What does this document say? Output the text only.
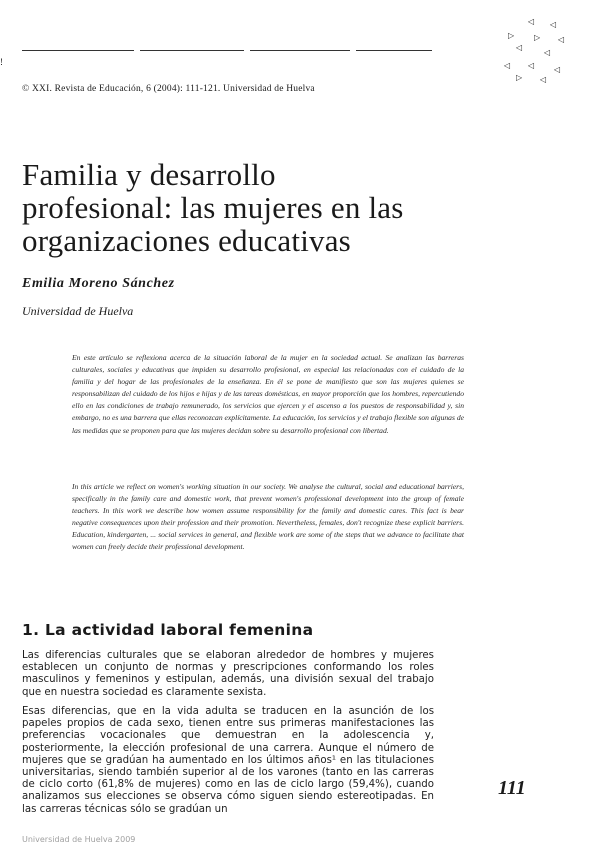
!
◁ ◁
▷ ▷ ◁
◁
◁
◁ ◁ ◁
▷ ◁
© XXI. Revista de Educación, 6 (2004): 111-121. Universidad de Huelva
Familia y desarrollo
profesional: las mujeres en las
organizaciones educativas
Emilia Moreno Sánchez
Universidad de Huelva

En este artículo se reflexiona acerca de la situación laboral de la mujer en la sociedad actual. Se analizan las barreras culturales, sociales y educativas que impiden su desarrollo profesional, en especial las relacionadas con el cuidado de la familia y del hogar de las profesionales de la enseñanza. En él se pone de manifiesto que son las mujeres quienes se responsabilizan del cuidado de los hijos e hijas y de las tareas domésticas, en mayor proporción que los hombres, repercutiendo ello en las condiciones de trabajo remunerado, los servicios que ejercen y el ascenso a los puestos de responsabilidad y, sin embargo, no es una barrera que ellas reconozcan explícitamente. La educación, los servicios y el trabajo flexible son algunas de las medidas que se proponen para que las mujeres decidan sobre su desarrollo profesional con libertad.

In this article we reflect on women's working situation in our society. We analyse the cultural, social and educational barriers, specifically in the family care and domestic work, that prevent women's professional development into the group of female teachers. In this work we describe how women assume responsibility for the family and domestic cares. This fact is bear negative consequences upon their profession and their promotion. Nevertheless, females, don't recognize these explicit barriers. Education, kindergarten, ... social services in general, and flexible work are some of the steps that we advance to facilitate that women can freely decide their professional development.

1. La actividad laboral femenina

Las diferencias culturales que se elaboran alrededor de hombres y mujeres establecen un conjunto de normas y prescripciones conformando los roles masculinos y femeninos y estipulan, además, una división sexual del trabajo que en nuestra sociedad es claramente sexista.

Esas diferencias, que en la vida adulta se traducen en la asunción de los papeles propios de cada sexo, tienen entre sus primeras manifestaciones las preferencias vocacionales que demuestran en la adolescencia y, posteriormente, la elección profesional de una carrera. Aunque el número de mujeres que se gradúan ha aumentado en los últimos años¹ en las titulaciones universitarias, siendo también superior al de los varones (tanto en las carreras de ciclo corto (61,8% de mujeres) como en las de ciclo largo (59,4%), cuando analizamos sus elecciones se observa cómo siguen siendo estereotipadas. En las carreras técnicas sólo se gradúan un

111
Universidad de Huelva 2009
